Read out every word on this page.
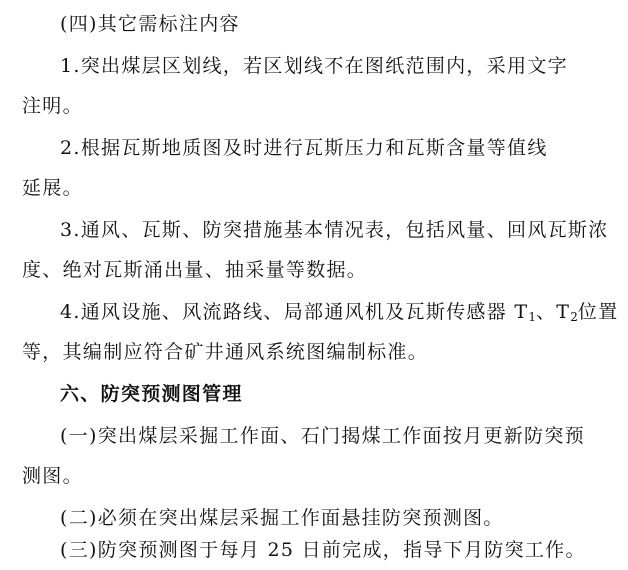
(四)其它需标注内容
1.突出煤层区划线，若区划线不在图纸范围内，采用文字
注明。
2.根据瓦斯地质图及时进行瓦斯压力和瓦斯含量等值线
延展。
3.通风、瓦斯、防突措施基本情况表，包括风量、回风瓦斯浓
度、绝对瓦斯涌出量、抽采量等数据。
4.通风设施、风流路线、局部通风机及瓦斯传感器 $T_1$、$T_2$位置
等，其编制应符合矿井通风系统图编制标准。
六、防突预测图管理
(一)突出煤层采掘工作面、石门揭煤工作面按月更新防突预
测图。
(二)必须在突出煤层采掘工作面悬挂防突预测图。
(三)防突预测图于每月 25 日前完成，指导下月防突工作。
